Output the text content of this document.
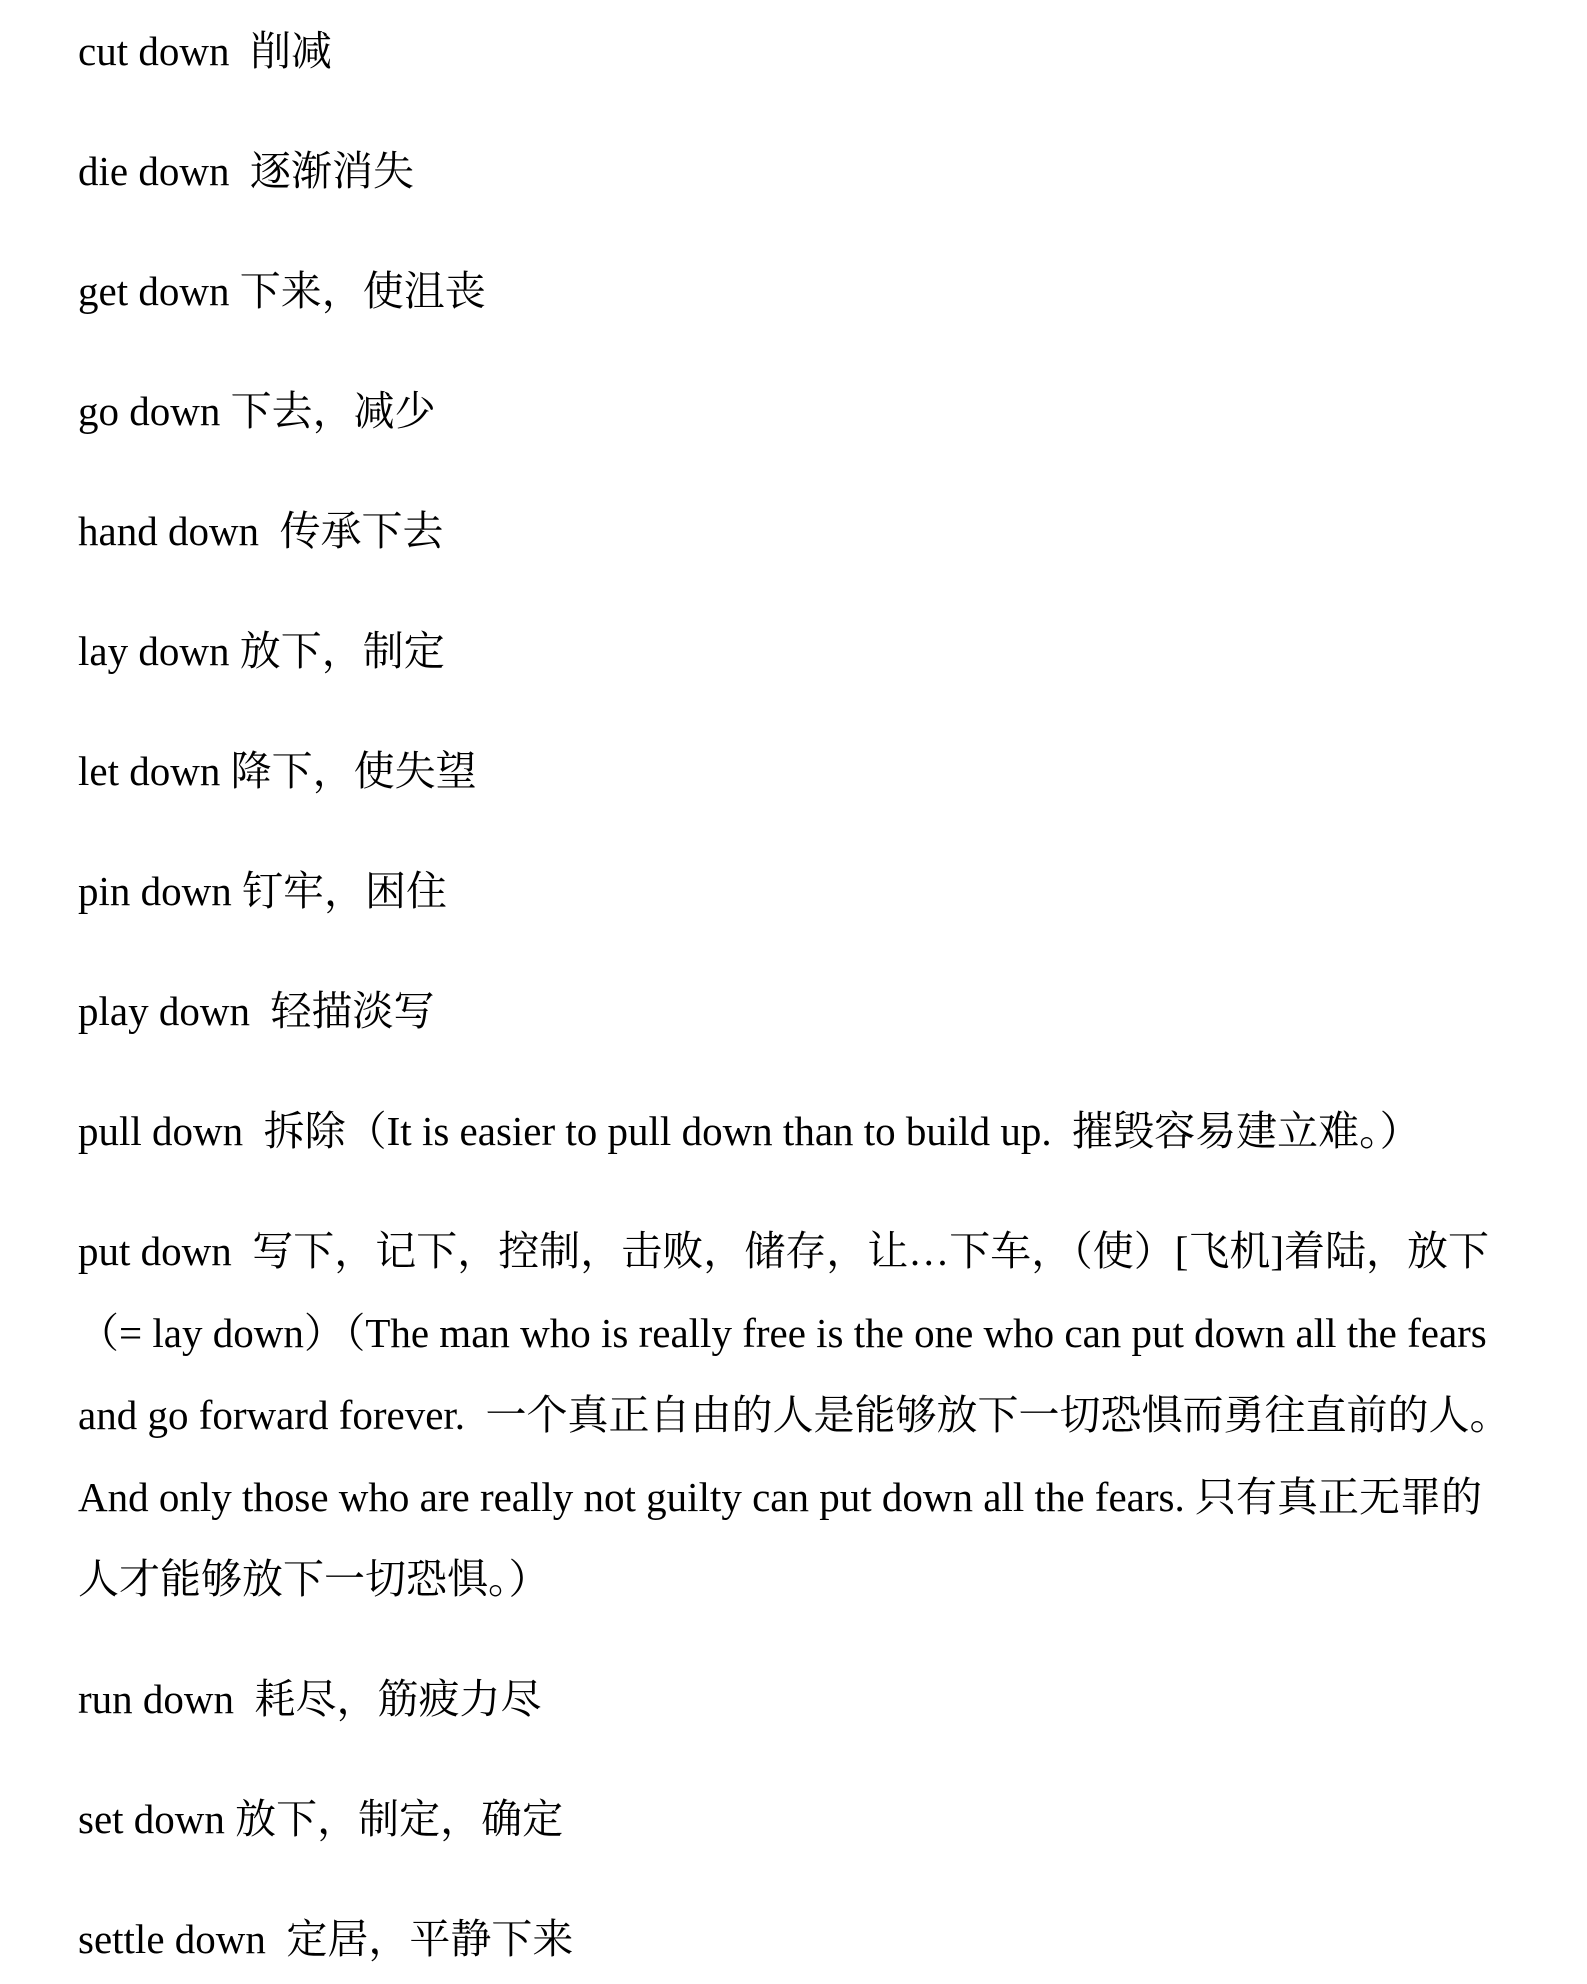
cut down 削减

die down 逐渐消失

get down 下来，使沮丧

go down 下去，减少

hand down 传承下去

lay down 放下，制定

let down 降下，使失望

pin down 钉牢，困住

play down 轻描淡写

pull down 拆除（It is easier to pull down than to build up.  摧毁容易建立难。）

put down 写下，记下，控制，击败，储存，让…下车，（使）[飞机]着陆，放下（= lay down）（The man who is really free is the one who can put down all the fears and go forward forever.  一个真正自由的人是能够放下一切恐惧而勇往直前的人。And only those who are really not guilty can put down all the fears. 只有真正无罪的人才能够放下一切恐惧。）

run down 耗尽，筋疲力尽

set down 放下，制定，确定

settle down 定居，平静下来
